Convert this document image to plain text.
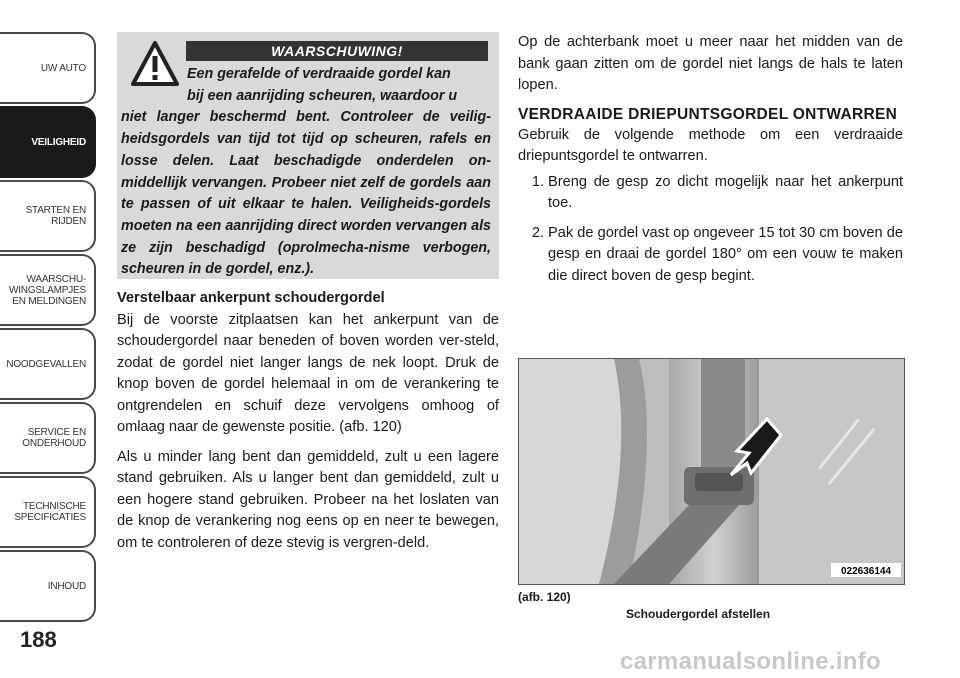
UW AUTO
VEILIGHEID
STARTEN EN
RIJDEN
WAARSCHU-
WINGSLAMPJES
EN MELDINGEN
NOODGEVALLEN
SERVICE EN
ONDERHOUD
TECHNISCHE
SPECIFICATIES
INHOUD
188
WAARSCHUWING!
Een gerafelde of verdraaide gordel kan
bij een aanrijding scheuren, waardoor u
niet langer beschermd bent. Controleer de veilig-heidsgordels van tijd tot tijd op scheuren, rafels en losse delen. Laat beschadigde onderdelen on-middellijk vervangen. Probeer niet zelf de gordels aan te passen of uit elkaar te halen. Veiligheids-gordels moeten na een aanrijding direct worden vervangen als ze zijn beschadigd (oprolmecha-nisme verbogen, scheuren in de gordel, enz.).
Verstelbaar ankerpunt schoudergordel
Bij de voorste zitplaatsen kan het ankerpunt van de schoudergordel naar beneden of boven worden ver-steld, zodat de gordel niet langer langs de nek loopt. Druk de knop boven de gordel helemaal in om de verankering te ontgrendelen en schuif deze vervolgens omhoog of omlaag naar de gewenste positie. (afb. 120)
Als u minder lang bent dan gemiddeld, zult u een lagere stand gebruiken. Als u langer bent dan gemiddeld, zult u een hogere stand gebruiken. Probeer na het loslaten van de knop de verankering nog eens op en neer te bewegen, om te controleren of deze stevig is vergren-deld.
Op de achterbank moet u meer naar het midden van de bank gaan zitten om de gordel niet langs de hals te laten lopen.
VERDRAAIDE DRIEPUNTSGORDEL ONTWARREN
Gebruik de volgende methode om een verdraaide driepuntsgordel te ontwarren.
1. Breng de gesp zo dicht mogelijk naar het ankerpunt toe.
2. Pak de gordel vast op ongeveer 15 tot 30 cm boven de gesp en draai de gordel 180° om een vouw te maken die direct boven de gesp begint.
022636144
(afb. 120)
Schoudergordel afstellen
carmanualsonline.info
